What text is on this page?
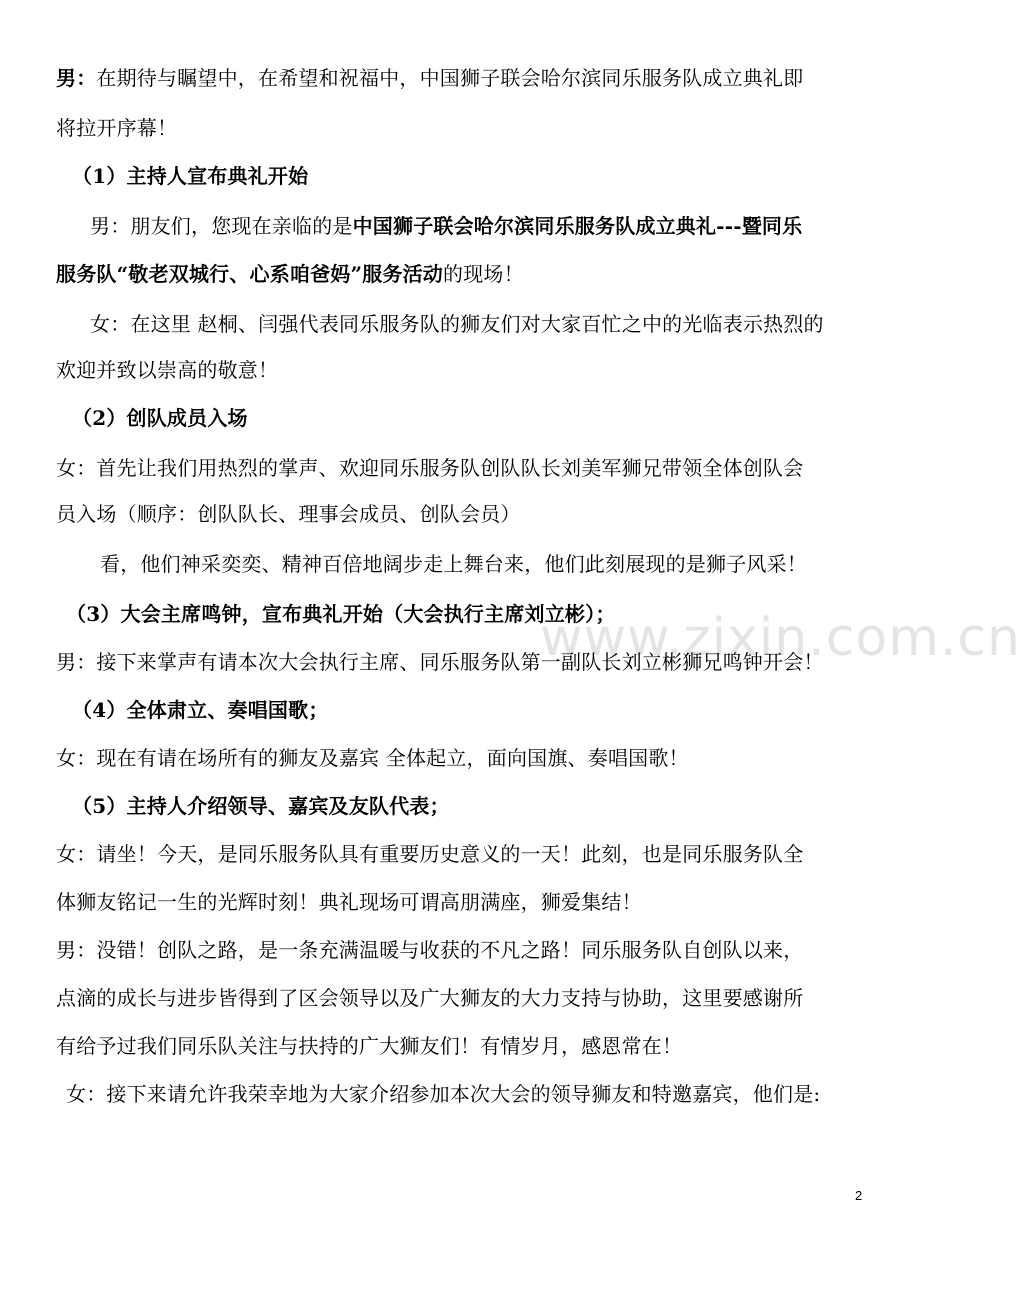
www.zixin.com.cn
男：在期待与瞩望中，在希望和祝福中，中国狮子联会哈尔滨同乐服务队成立典礼即
将拉开序幕！
（1）主持人宣布典礼开始
男：朋友们，您现在亲临的是中国狮子联会哈尔滨同乐服务队成立典礼---暨同乐
服务队“敬老双城行、心系咱爸妈”服务活动的现场！
女：在这里 赵桐、闫强代表同乐服务队的狮友们对大家百忙之中的光临表示热烈的
欢迎并致以崇高的敬意！
（2）创队成员入场
女：首先让我们用热烈的掌声、欢迎同乐服务队创队队长刘美军狮兄带领全体创队会
员入场（顺序：创队队长、理事会成员、创队会员）
看，他们神采奕奕、精神百倍地阔步走上舞台来，他们此刻展现的是狮子风采！
（3）大会主席鸣钟，宣布典礼开始（大会执行主席刘立彬）；
男：接下来掌声有请本次大会执行主席、同乐服务队第一副队长刘立彬狮兄鸣钟开会！
（4）全体肃立、奏唱国歌；
女：现在有请在场所有的狮友及嘉宾 全体起立，面向国旗、奏唱国歌！
（5）主持人介绍领导、嘉宾及友队代表；
女：请坐！今天，是同乐服务队具有重要历史意义的一天！此刻，也是同乐服务队全
体狮友铭记一生的光辉时刻！典礼现场可谓高朋满座，狮爱集结！
男：没错！创队之路，是一条充满温暖与收获的不凡之路！同乐服务队自创队以来，
点滴的成长与进步皆得到了区会领导以及广大狮友的大力支持与协助，这里要感谢所
有给予过我们同乐队关注与扶持的广大狮友们！有情岁月，感恩常在！
女：接下来请允许我荣幸地为大家介绍参加本次大会的领导狮友和特邀嘉宾，他们是:
2
